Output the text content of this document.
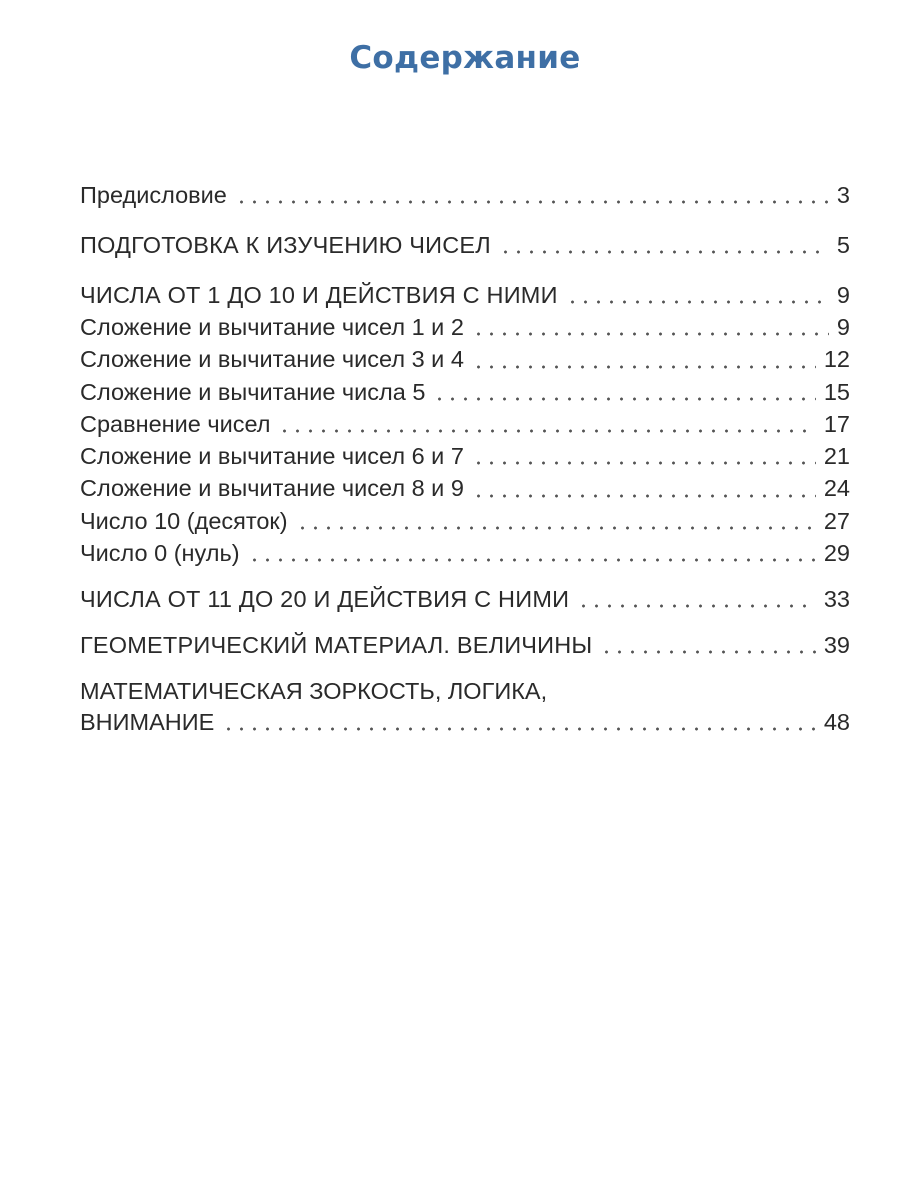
Содержание
Предисловие	3
ПОДГОТОВКА К ИЗУЧЕНИЮ ЧИСЕЛ	5
ЧИСЛА ОТ 1 ДО 10 И ДЕЙСТВИЯ С НИМИ	9
Сложение и вычитание чисел 1 и 2	9
Сложение и вычитание чисел 3 и 4	12
Сложение и вычитание числа 5	15
Сравнение чисел	17
Сложение и вычитание чисел 6 и 7	21
Сложение и вычитание чисел 8 и 9	24
Число 10 (десяток)	27
Число 0 (нуль)	29
ЧИСЛА ОТ 11 ДО 20 И ДЕЙСТВИЯ С НИМИ	33
ГЕОМЕТРИЧЕСКИЙ МАТЕРИАЛ. ВЕЛИЧИНЫ	39
МАТЕМАТИЧЕСКАЯ ЗОРКОСТЬ, ЛОГИКА,
ВНИМАНИЕ	48
